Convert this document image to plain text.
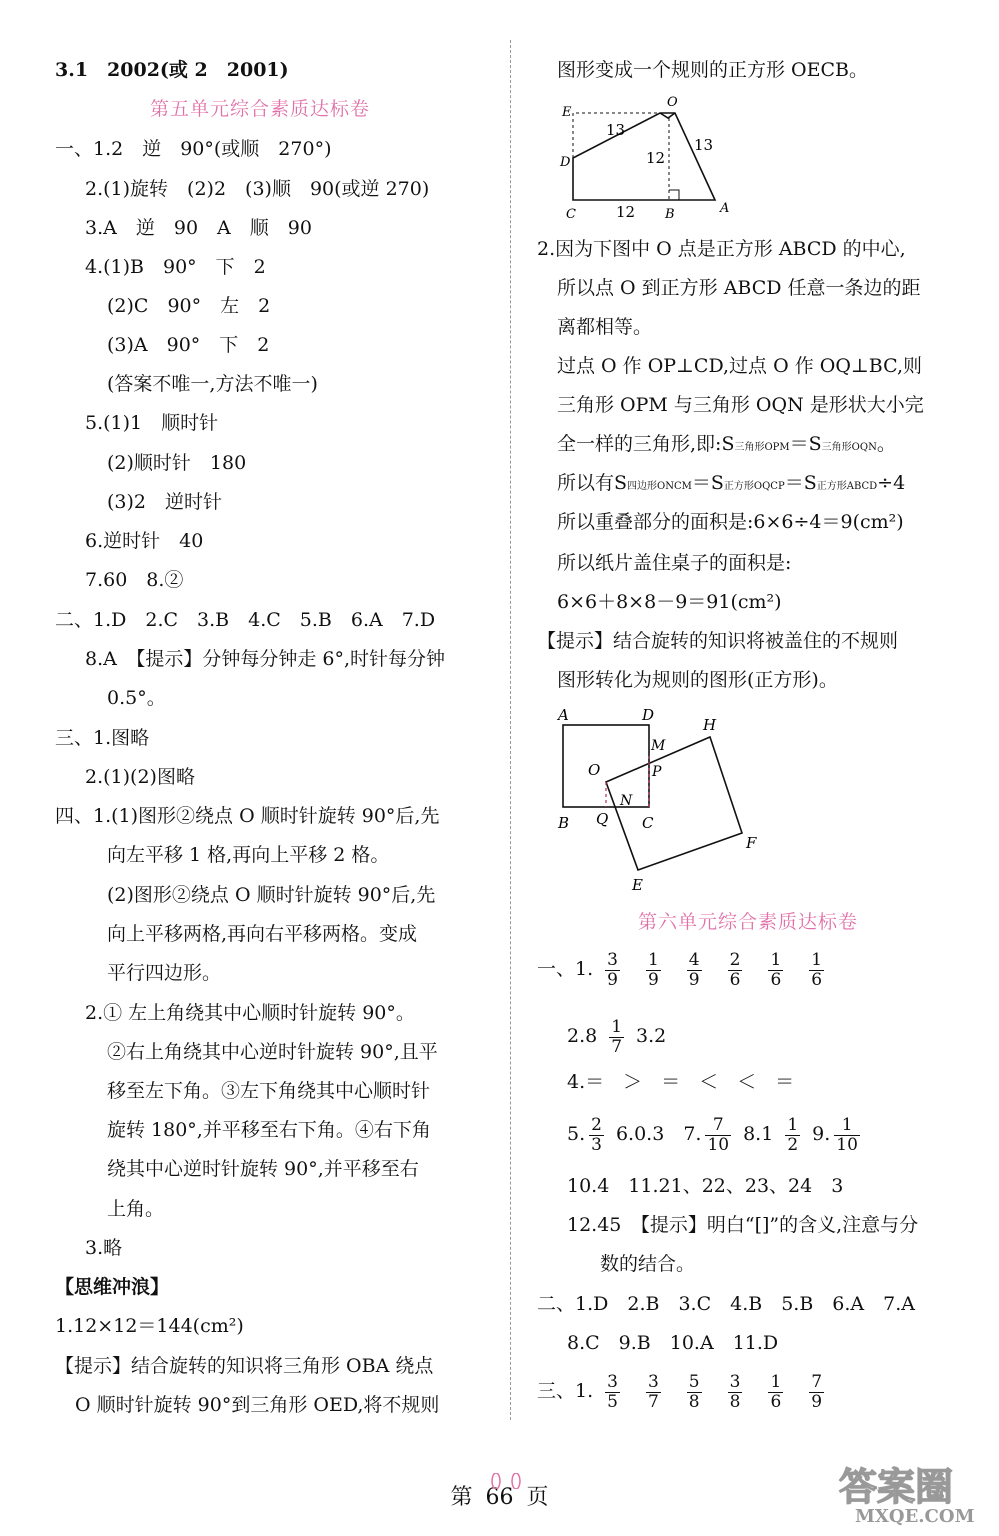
3.1　2002(或 2　2001)
第五单元综合素质达标卷
一、1.2　逆　90°(或顺　270°)
2.(1)旋转　(2)2　(3)顺　90(或逆 270)
3.A　逆　90　A　顺　90
4.(1)B　90°　下　2
(2)C　90°　左　2
(3)A　90°　下　2
(答案不唯一,方法不唯一)
5.(1)1　顺时针
(2)顺时针　180
(3)2　逆时针
6.逆时针　40
7.60　8.②
二、1.D　2.C　3.B　4.C　5.B　6.A　7.D
8.A　【提示】分钟每分钟走 6°,时针每分钟
0.5°。
三、1.图略
2.(1)(2)图略
四、1.(1)图形②绕点 O 顺时针旋转 90°后,先
向左平移 1 格,再向上平移 2 格。
(2)图形②绕点 O 顺时针旋转 90°后,先
向上平移两格,再向右平移两格。变成
平行四边形。
2.① 左上角绕其中心顺时针旋转 90°。
②右上角绕其中心逆时针旋转 90°,且平
移至左下角。③左下角绕其中心顺时针
旋转 180°,并平移至右下角。④右下角
绕其中心逆时针旋转 90°,并平移至右
上角。
3.略
【思维冲浪】
1.12×12＝144(cm²)
【提示】结合旋转的知识将三角形 OBA 绕点
O 顺时针旋转 90°到三角形 OED,将不规则
图形变成一个规则的正方形 OECB。
E
O
D
C	B	A
13
13
12
12
2.因为下图中 O 点是正方形 ABCD 的中心,
所以点 O 到正方形 ABCD 任意一条边的距
离都相等。
过点 O 作 OP⊥CD,过点 O 作 OQ⊥BC,则
三角形 OPM 与三角形 OQN 是形状大小完
全一样的三角形,即:S三角形OPM＝S三角形OQN。
所以有S四边形ONCM＝S正方形OQCP＝S正方形ABCD÷4
所以重叠部分的面积是:6×6÷4＝9(cm²)
所以纸片盖住桌子的面积是:
6×6＋8×8－9＝91(cm²)
【提示】结合旋转的知识将被盖住的不规则
图形转化为规则的图形(正方形)。
A	D
H
M
O	P
N
B Q C
F
E
第六单元综合素质达标卷
一、1. $\frac{3}{9} \frac{1}{9} \frac{4}{9} \frac{2}{6} \frac{1}{6} \frac{1}{6}$
$2.8 \frac{1}{7} 3.2$
4.＝　＞　＝　＜　＜　＝
5. $\frac{2}{3} 6.0.3$　7. $\frac{7}{10} 8.1 \frac{1}{2} 9$. $\frac{1}{10}$
10.4　11.21、22、23、24　3
12.45　【提示】明白“[]”的含义,注意与分
数的结合。
二、1.D　2.B　3.C　4.B　5.B　6.A　7.A
8.C　9.B　10.A　11.D
三、1. $\frac{3}{5} \frac{3}{7} \frac{5}{8} \frac{3}{8} \frac{1}{6} \frac{7}{9}$
第 66 页	答案圈
MXQE.COM
